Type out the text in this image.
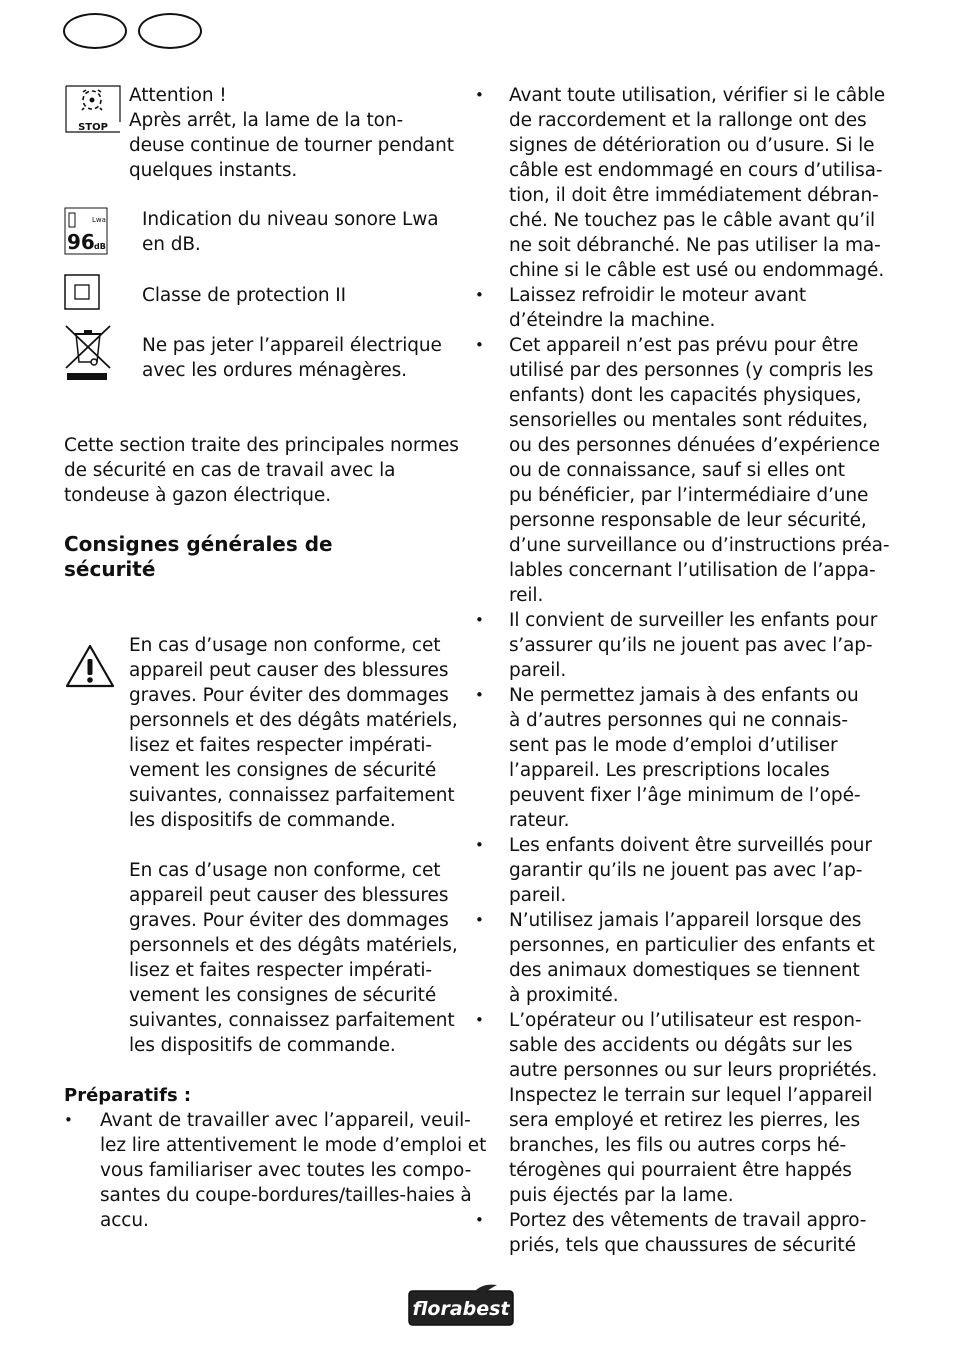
STOP
Attention !
Après arrêt, la lame de la ton-
deuse continue de tourner pendant
quelques instants.
Lwa
96 dB
Indication du niveau sonore Lwa
en dB.
Classe de protection II
Ne pas jeter l’appareil électrique
avec les ordures ménagères.
Cette section traite des principales normes
de sécurité en cas de travail avec la
tondeuse à gazon électrique.
Consignes générales de
sécurité
En cas d’usage non conforme, cet
appareil peut causer des blessures
graves. Pour éviter des dommages
personnels et des dégâts matériels,
lisez et faites respecter impérati-
vement les consignes de sécurité
suivantes, connaissez parfaitement
les dispositifs de commande.
En cas d’usage non conforme, cet
appareil peut causer des blessures
graves. Pour éviter des dommages
personnels et des dégâts matériels,
lisez et faites respecter impérati-
vement les consignes de sécurité
suivantes, connaissez parfaitement
les dispositifs de commande.
Préparatifs :
• Avant de travailler avec l’appareil, veuil-
lez lire attentivement le mode d’emploi et
vous familiariser avec toutes les compo-
santes du coupe-bordures/tailles-haies à
accu.
• Avant toute utilisation, vérifier si le câble
de raccordement et la rallonge ont des
signes de détérioration ou d’usure. Si le
câble est endommagé en cours d’utilisa-
tion, il doit être immédiatement débran-
ché. Ne touchez pas le câble avant qu’il
ne soit débranché. Ne pas utiliser la ma-
chine si le câble est usé ou endommagé.
• Laissez refroidir le moteur avant
d’éteindre la machine.
• Cet appareil n’est pas prévu pour être
utilisé par des personnes (y compris les
enfants) dont les capacités physiques,
sensorielles ou mentales sont réduites,
ou des personnes dénuées d’expérience
ou de connaissance, sauf si elles ont
pu bénéficier, par l’intermédiaire d’une
personne responsable de leur sécurité,
d’une surveillance ou d’instructions préa-
lables concernant l’utilisation de l’appa-
reil.
• Il convient de surveiller les enfants pour
s’assurer qu’ils ne jouent pas avec l’ap-
pareil.
• Ne permettez jamais à des enfants ou
à d’autres personnes qui ne connais-
sent pas le mode d’emploi d’utiliser
l’appareil. Les prescriptions locales
peuvent fixer l’âge minimum de l’opé-
rateur.
• Les enfants doivent être surveillés pour
garantir qu’ils ne jouent pas avec l’ap-
pareil.
• N’utilisez jamais l’appareil lorsque des
personnes, en particulier des enfants et
des animaux domestiques se tiennent
à proximité.
• L’opérateur ou l’utilisateur est respon-
sable des accidents ou dégâts sur les
autre personnes ou sur leurs propriétés.
Inspectez le terrain sur lequel l’appareil
sera employé et retirez les pierres, les
branches, les fils ou autres corps hé-
térogènes qui pourraient être happés
puis éjectés par la lame.
• Portez des vêtements de travail appro-
priés, tels que chaussures de sécurité
florabest
